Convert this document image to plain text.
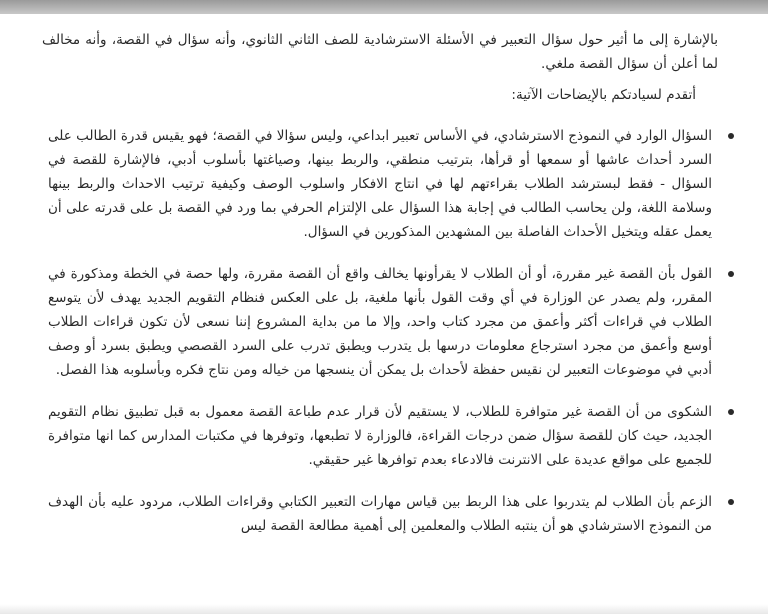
بالإشارة إلى ما أثير حول سؤال التعبير في الأسئلة الاسترشادية للصف الثاني الثانوي، وأنه سؤال في القصة، وأنه مخالف لما أعلن أن سؤال القصة ملغي.

أتقدم لسيادتكم بالإيضاحات الآتية:

السؤال الوارد في النموذج الاسترشادي، في الأساس تعبير ابداعي، وليس سؤالا في القصة؛ فهو يقيس قدرة الطالب على السرد أحداث عاشها أو سمعها أو قرأها، بترتيب منطقي، والربط بينها، وصياغتها بأسلوب أدبي، فالإشارة للقصة في السؤال - فقط لبسترشد الطلاب بقراءتهم لها في انتاج الافكار واسلوب الوصف وكيفية ترتيب الاحداث والربط بينها وسلامة اللغة، ولن يحاسب الطالب في إجابة هذا السؤال على الإلتزام الحرفي بما ورد في القصة بل على قدرته على أن يعمل عقله ويتخيل الأحداث الفاصلة بين المشهدين المذكورين في السؤال.
القول بأن القصة غير مقررة، أو أن الطلاب لا يقرأونها يخالف واقع أن القصة مقررة، ولها حصة في الخطة ومذكورة في المقرر، ولم يصدر عن الوزارة في أي وقت القول بأنها ملغية، بل على العكس فنظام التقويم الجديد يهدف لأن يتوسع الطلاب في قراءات أكثر وأعمق من مجرد كتاب واحد، وإلا ما من بداية المشروع إننا نسعى لأن تكون قراءات الطلاب أوسع وأعمق من مجرد استرجاع معلومات درسها بل يتدرب ويطبق تدرب على السرد القصصي ويطبق بسرد أو وصف أدبي في موضوعات التعبير لن نقيس حفظة لأحداث بل يمكن أن ينسجها من خياله ومن نتاج فكره وبأسلوبه هذا الفصل.
الشكوى من أن القصة غير متوافرة للطلاب، لا يستقيم لأن قرار عدم طباعة القصة معمول به قبل تطبيق نظام التقويم الجديد، حيث كان للقصة سؤال ضمن درجات القراءة، فالوزارة لا تطبعها، وتوفرها في مكتبات المدارس كما انها متوافرة للجميع على مواقع عديدة على الانترنت فالادعاء بعدم توافرها غير حقيقي.
الزعم بأن الطلاب لم يتدربوا على هذا الربط بين قياس مهارات التعبير الكتابي وقراءات الطلاب، مردود عليه بأن الهدف من النموذج الاسترشادي هو أن ينتبه الطلاب والمعلمين إلى أهمية مطالعة القصة ليس
